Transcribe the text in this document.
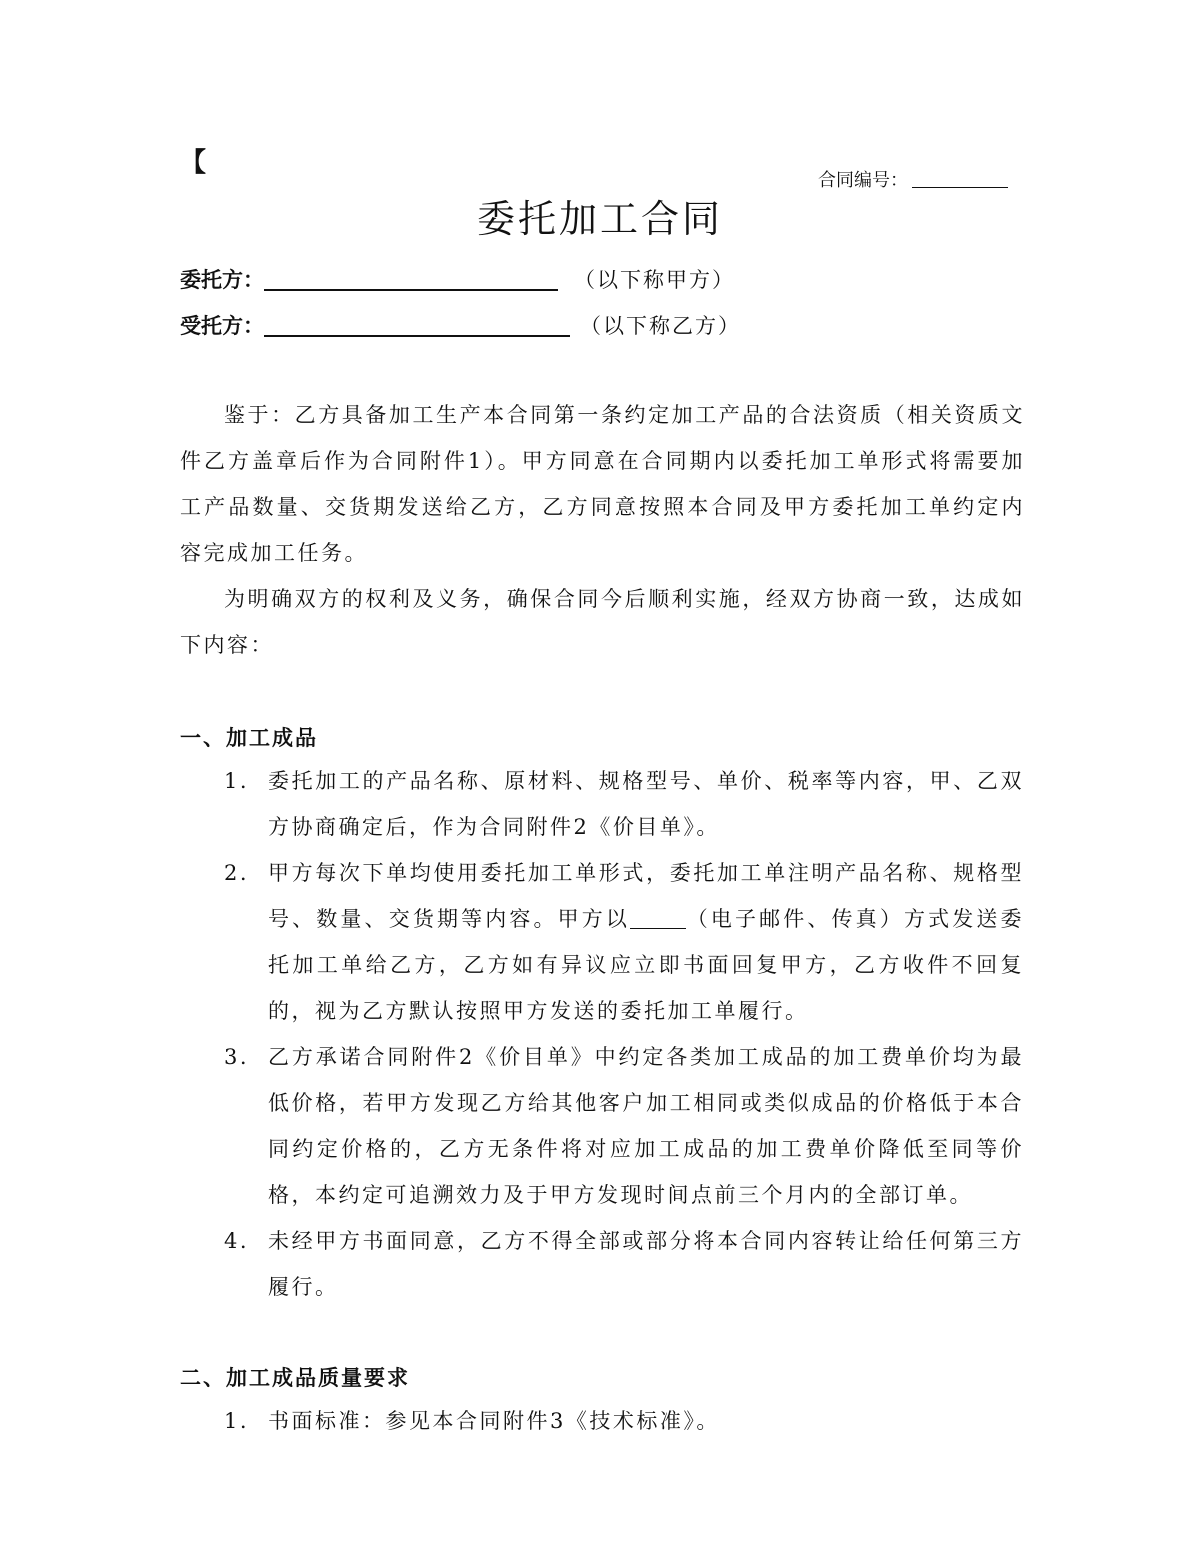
【
合同编号：
委托加工合同
委托方：	（以下称甲方）
受托方：	（以下称乙方）

鉴于：乙方具备加工生产本合同第一条约定加工产品的合法资质（相关资质文件乙方盖章后作为合同附件1）。甲方同意在合同期内以委托加工单形式将需要加工产品数量、交货期发送给乙方，乙方同意按照本合同及甲方委托加工单约定内容完成加工任务。

为明确双方的权利及义务，确保合同今后顺利实施，经双方协商一致，达成如下内容：

一、加工成品
1. 委托加工的产品名称、原材料、规格型号、单价、税率等内容，甲、乙双方协商确定后，作为合同附件2《价目单》。
2. 甲方每次下单均使用委托加工单形式，委托加工单注明产品名称、规格型号、数量、交货期等内容。甲方以	（电子邮件、传真）方式发送委托加工单给乙方，乙方如有异议应立即书面回复甲方，乙方收件不回复的，视为乙方默认按照甲方发送的委托加工单履行。
3. 乙方承诺合同附件2《价目单》中约定各类加工成品的加工费单价均为最低价格，若甲方发现乙方给其他客户加工相同或类似成品的价格低于本合同约定价格的，乙方无条件将对应加工成品的加工费单价降低至同等价格，本约定可追溯效力及于甲方发现时间点前三个月内的全部订单。
4. 未经甲方书面同意，乙方不得全部或部分将本合同内容转让给任何第三方履行。
二、加工成品质量要求
1. 书面标准：参见本合同附件3《技术标准》。
